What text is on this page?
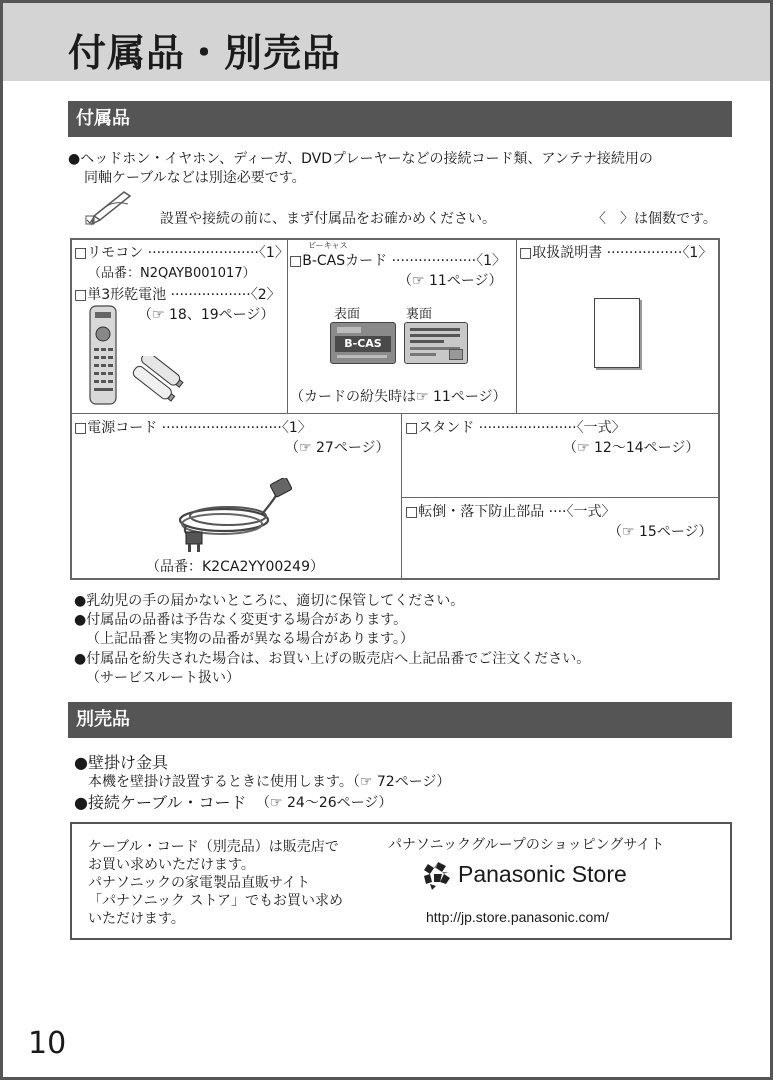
付属品・別売品
付属品
●ヘッドホン・イヤホン、ディーガ、DVDプレーヤーなどの接続コード類、アンテナ接続用の
同軸ケーブルなどは別途必要です。
設置や接続の前に、まず付属品をお確かめください。	〈　〉は個数です。
□リモコン ·························〈1〉
（品番：N2QAYB001017）
□単3形乾電池 ··················〈2〉
（☞ 18、19ページ）
ビーキャス
□B-CASカード ···················〈1〉
（☞ 11ページ）
表面	裏面
B-CAS
（カードの紛失時は☞ 11ページ）
□取扱説明書 ·················〈1〉
□電源コード ···························〈1〉
（☞ 27ページ）
（品番：K2CA2YY00249）
□スタンド ······················〈一式〉
（☞ 12〜14ページ）
□転倒・落下防止部品 ····〈一式〉
（☞ 15ページ）
●乳幼児の手の届かないところに、適切に保管してください。
●付属品の品番は予告なく変更する場合があります。
（上記品番と実物の品番が異なる場合があります。）
●付属品を紛失された場合は、お買い上げの販売店へ上記品番でご注文ください。
（サービスルート扱い）
別売品
●壁掛け金具
本機を壁掛け設置するときに使用します。（☞ 72ページ）
●接続ケーブル・コード （☞ 24〜26ページ）
ケーブル・コード（別売品）は販売店で
お買い求めいただけます。
パナソニックの家電製品直販サイト
「パナソニック ストア」でもお買い求め
いただけます。
パナソニックグループのショッピングサイト
Panasonic Store
http://jp.store.panasonic.com/
10
